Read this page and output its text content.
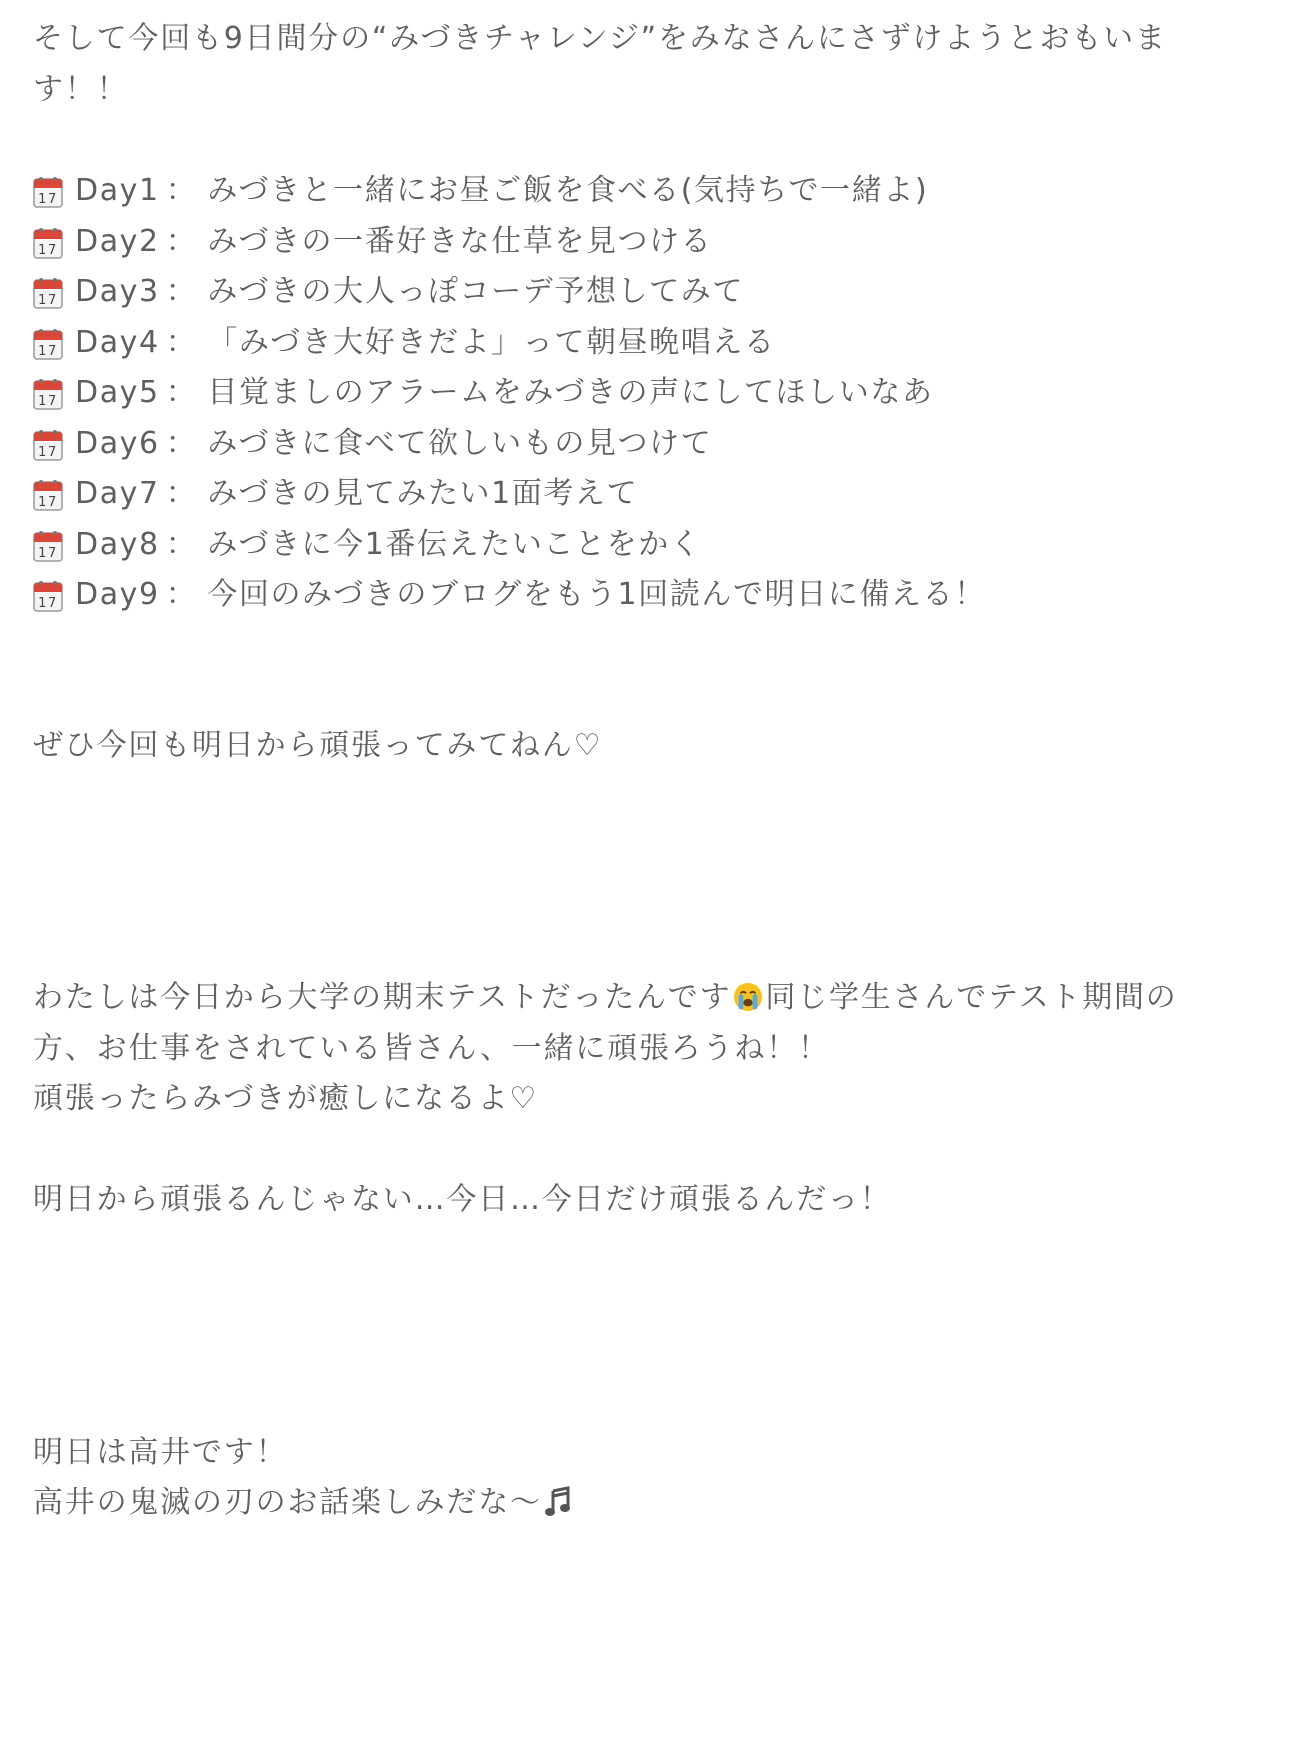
そして今回も9日間分の“みづきチャレンジ”をみなさんにさずけようとおもいま
す！！
17 Day1 ： みづきと一緒にお昼ご飯を食べる(気持ちで一緒よ)
17 Day2 ： みづきの一番好きな仕草を見つける
17 Day3 ： みづきの大人っぽコーデ予想してみて
17 Day4 ： 「みづき大好きだよ」って朝昼晩唱える
17 Day5 ： 目覚ましのアラームをみづきの声にしてほしいなあ
17 Day6 ： みづきに食べて欲しいもの見つけて
17 Day7 ： みづきの見てみたい1面考えて
17 Day8 ： みづきに今1番伝えたいことをかく
17 Day9 ： 今回のみづきのブログをもう1回読んで明日に備える！
ぜひ今回も明日から頑張ってみてねん♡
わたしは今日から大学の期末テストだったんです 同じ学生さんでテスト期間の
方、お仕事をされている皆さん、一緒に頑張ろうね！！
頑張ったらみづきが癒しになるよ♡
明日から頑張るんじゃない…今日…今日だけ頑張るんだっ！
明日は高井です！
高井の鬼滅の刃のお話楽しみだな〜
